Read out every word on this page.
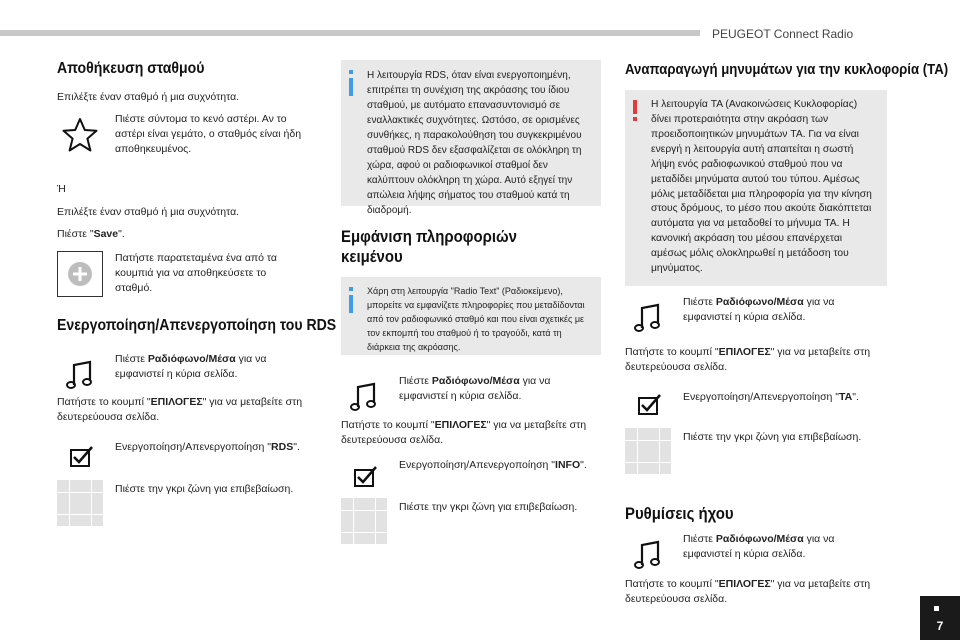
PEUGEOT Connect Radio
7
Αποθήκευση σταθμού
Επιλέξτε έναν σταθμό ή μια συχνότητα.
Πιέστε σύντομα το κενό αστέρι. Αν το αστέρι είναι γεμάτο, ο σταθμός είναι ήδη αποθηκευμένος.
Ή
Επιλέξτε έναν σταθμό ή μια συχνότητα.
Πιέστε "Save".
Πατήστε παρατεταμένα ένα από τα κουμπιά για να αποθηκεύσετε το σταθμό.
Ενεργοποίηση/Απενεργοποίηση του RDS
Πιέστε Ραδιόφωνο/Μέσα για να εμφανιστεί η κύρια σελίδα.
Πατήστε το κουμπί "ΕΠΙΛΟΓΕΣ" για να μεταβείτε στη δευτερεύουσα σελίδα.
Ενεργοποίηση/Απενεργοποίηση "RDS".
Πιέστε την γκρι ζώνη για επιβεβαίωση.
Η λειτουργία RDS, όταν είναι ενεργοποιημένη, επιτρέπει τη συνέχιση της ακρόασης του ίδιου σταθμού, με αυτόματο επανασυντονισμό σε εναλλακτικές συχνότητες. Ωστόσο, σε ορισμένες συνθήκες, η παρακολούθηση του συγκεκριμένου σταθμού RDS δεν εξασφαλίζεται σε ολόκληρη τη χώρα, αφού οι ραδιοφωνικοί σταθμοί δεν καλύπτουν ολόκληρη τη χώρα. Αυτό εξηγεί την απώλεια λήψης σήματος του σταθμού κατά τη διαδρομή.
Εμφάνιση πληροφοριών κειμένου
Χάρη στη λειτουργία "Radio Text" (Ραδιοκείμενο), μπορείτε να εμφανίζετε πληροφορίες που μεταδίδονται από τον ραδιοφωνικό σταθμό και που είναι σχετικές με τον εκπομπή του σταθμού ή το τραγούδι, κατά τη διάρκεια της ακρόασης.
Πιέστε Ραδιόφωνο/Μέσα για να εμφανιστεί η κύρια σελίδα.
Πατήστε το κουμπί "ΕΠΙΛΟΓΕΣ" για να μεταβείτε στη δευτερεύουσα σελίδα.
Ενεργοποίηση/Απενεργοποίηση "INFO".
Πιέστε την γκρι ζώνη για επιβεβαίωση.
Αναπαραγωγή μηνυμάτων για την κυκλοφορία (TA)
Η λειτουργία TA (Ανακοινώσεις Κυκλοφορίας) δίνει προτεραιότητα στην ακρόαση των προειδοποιητικών μηνυμάτων TA. Για να είναι ενεργή η λειτουργία αυτή απαιτείται η σωστή λήψη ενός ραδιοφωνικού σταθμού που να μεταδίδει μηνύματα αυτού του τύπου. Αμέσως μόλις μεταδίδεται μια πληροφορία για την κίνηση στους δρόμους, το μέσο που ακούτε διακόπτεται αυτόματα για να μεταδοθεί το μήνυμα TA. Η κανονική ακρόαση του μέσου επανέρχεται αμέσως μόλις ολοκληρωθεί η μετάδοση του μηνύματος.
Πιέστε Ραδιόφωνο/Μέσα για να εμφανιστεί η κύρια σελίδα.
Πατήστε το κουμπί "ΕΠΙΛΟΓΕΣ" για να μεταβείτε στη δευτερεύουσα σελίδα.
Ενεργοποίηση/Απενεργοποίηση "TA".
Πιέστε την γκρι ζώνη για επιβεβαίωση.
Ρυθμίσεις ήχου
Πιέστε Ραδιόφωνο/Μέσα για να εμφανιστεί η κύρια σελίδα.
Πατήστε το κουμπί "ΕΠΙΛΟΓΕΣ" για να μεταβείτε στη δευτερεύουσα σελίδα.
